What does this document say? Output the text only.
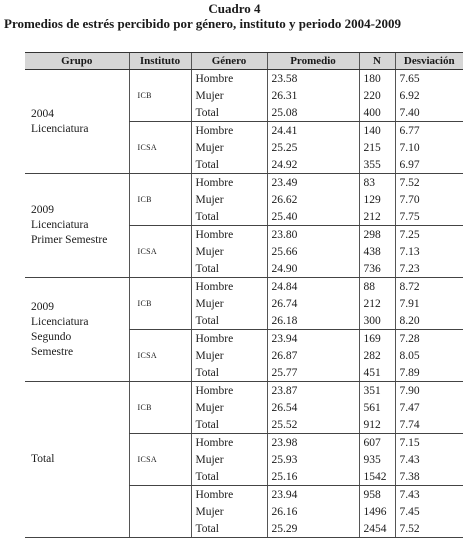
Cuadro 4
Promedios de estrés percibido por género, instituto y periodo 2004-2009
Grupo	Instituto	Género	Promedio	N	Desviación

2004
Licenciatura	ICB	Hombre	23.58	180	7.65
		Mujer	26.31	220	6.92
		Total	25.08	400	7.40
	ICSA	Hombre	24.41	140	6.77
		Mujer	25.25	215	7.10
		Total	24.92	355	6.97

2009
Licenciatura
Primer Semestre	ICB	Hombre	23.49	83	7.52
		Mujer	26.62	129	7.70
		Total	25.40	212	7.75
	ICSA	Hombre	23.80	298	7.25
		Mujer	25.66	438	7.13
		Total	24.90	736	7.23

2009
Licenciatura
Segundo
Semestre	ICB	Hombre	24.84	88	8.72
		Mujer	26.74	212	7.91
		Total	26.18	300	8.20
	ICSA	Hombre	23.94	169	7.28
		Mujer	26.87	282	8.05
		Total	25.77	451	7.89

Total	ICB	Hombre	23.87	351	7.90
		Mujer	26.54	561	7.47
		Total	25.52	912	7.74
	ICSA	Hombre	23.98	607	7.15
		Mujer	25.93	935	7.43
		Total	25.16	1542	7.38
		Hombre	23.94	958	7.43
		Mujer	26.16	1496	7.45
		Total	25.29	2454	7.52
